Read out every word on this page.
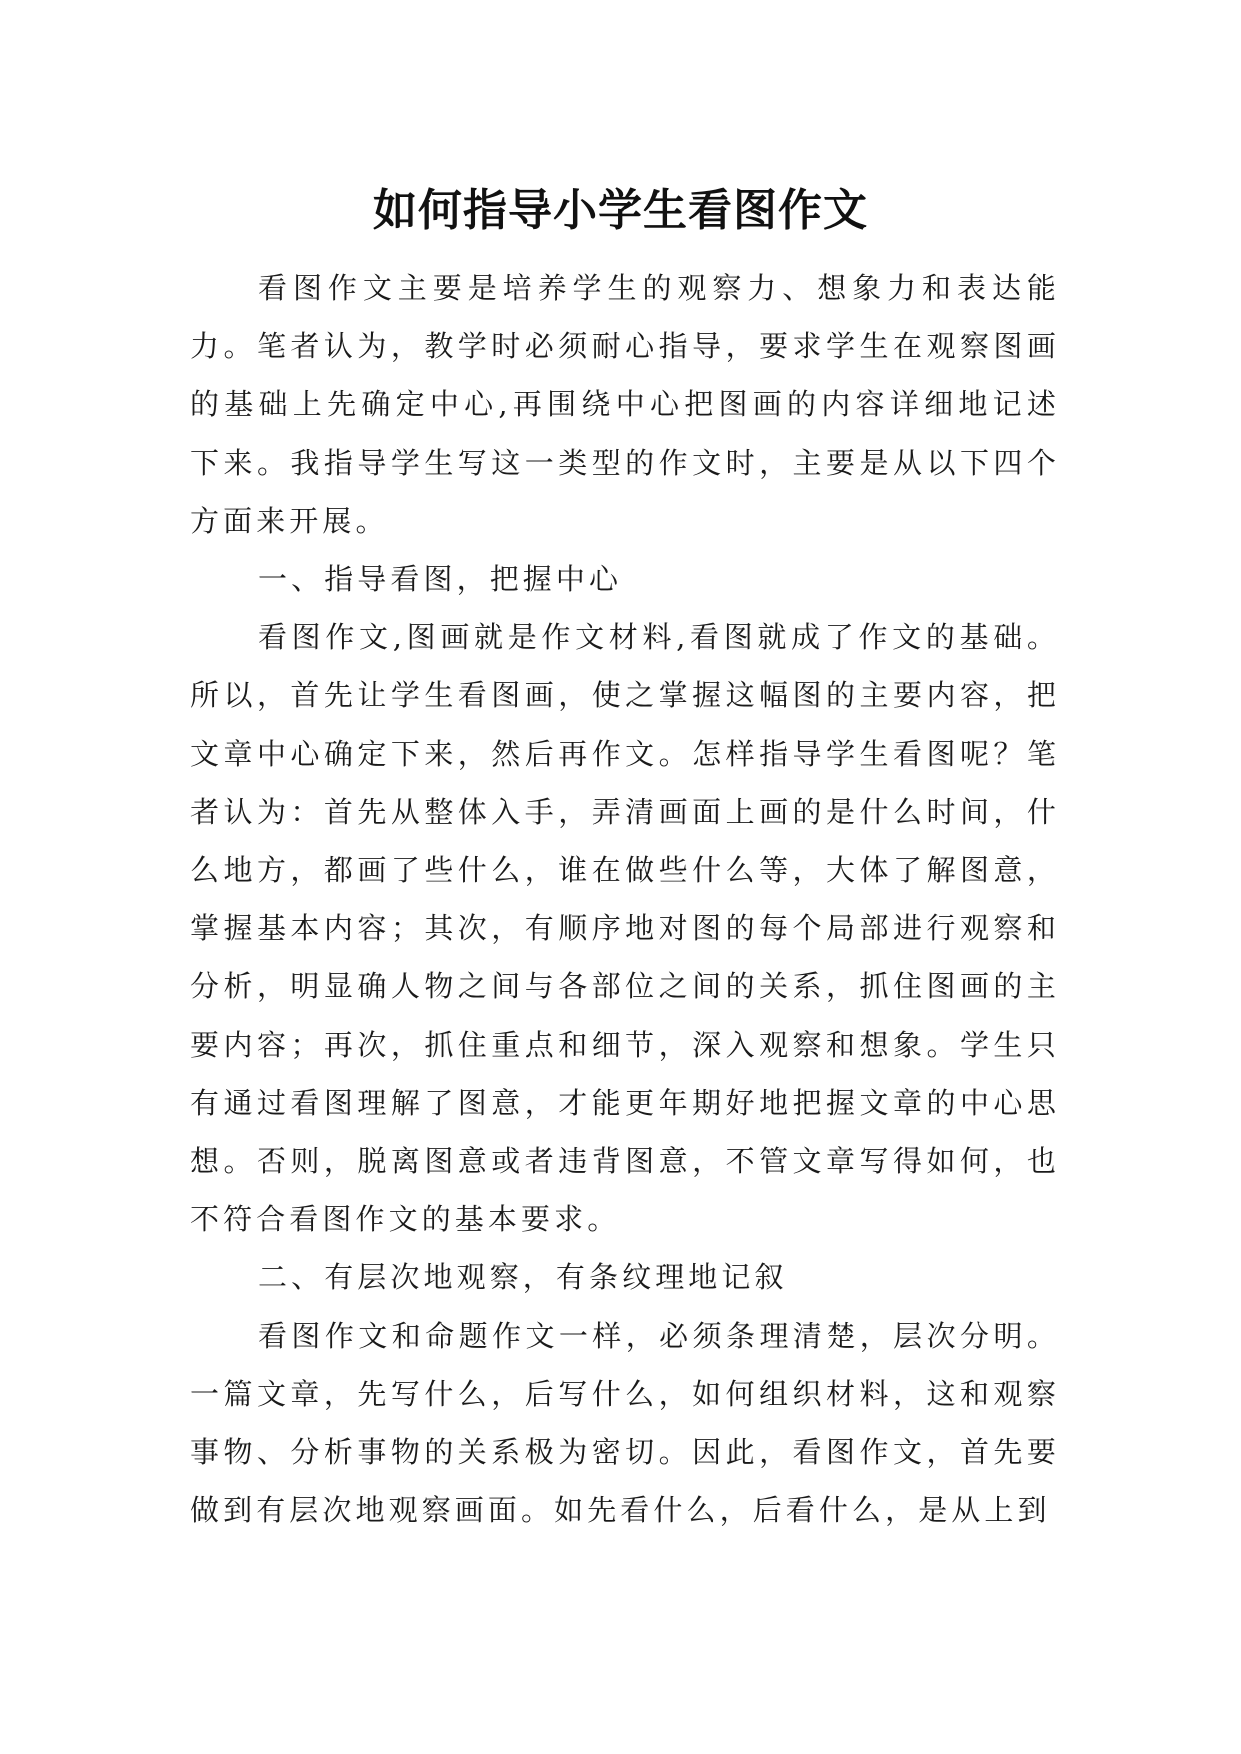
如何指导小学生看图作文

看图作文主要是培养学生的观察力、想象力和表达能力。笔者认为，教学时必须耐心指导，要求学生在观察图画的基础上先确定中心,再围绕中心把图画的内容详细地记述下来。我指导学生写这一类型的作文时，主要是从以下四个方面来开展。

一、指导看图，把握中心

看图作文,图画就是作文材料,看图就成了作文的基础。所以，首先让学生看图画，使之掌握这幅图的主要内容，把文章中心确定下来，然后再作文。怎样指导学生看图呢？笔者认为：首先从整体入手，弄清画面上画的是什么时间，什么地方，都画了些什么，谁在做些什么等，大体了解图意，掌握基本内容；其次，有顺序地对图的每个局部进行观察和分析，明显确人物之间与各部位之间的关系，抓住图画的主要内容；再次，抓住重点和细节，深入观察和想象。学生只有通过看图理解了图意，才能更年期好地把握文章的中心思想。否则，脱离图意或者违背图意，不管文章写得如何，也不符合看图作文的基本要求。

二、有层次地观察，有条纹理地记叙

看图作文和命题作文一样，必须条理清楚，层次分明。一篇文章，先写什么，后写什么，如何组织材料，这和观察事物、分析事物的关系极为密切。因此，看图作文，首先要做到有层次地观察画面。如先看什么，后看什么，是从上到
